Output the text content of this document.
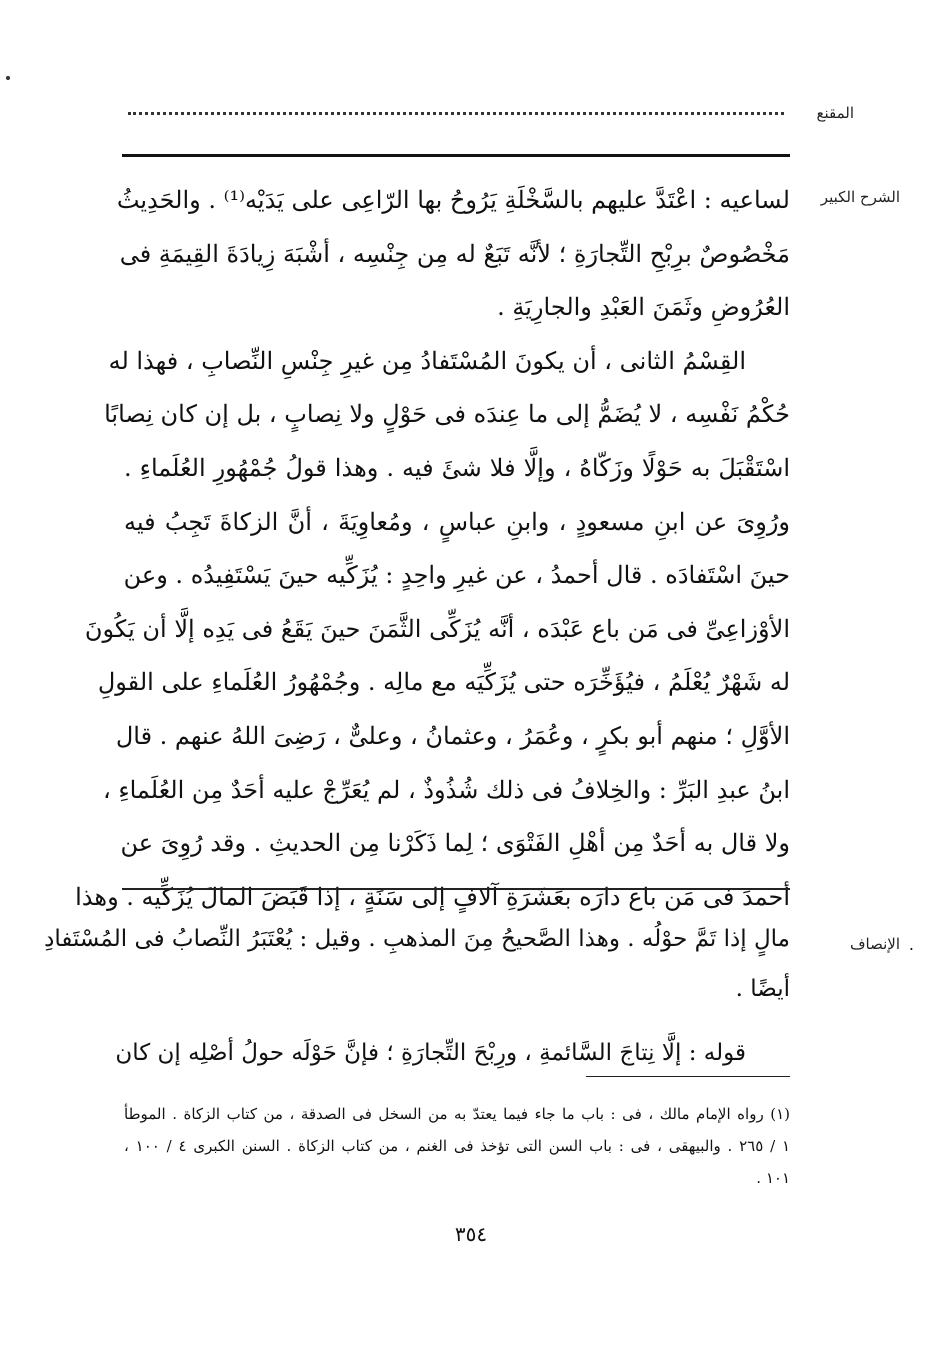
المقنع
الشرح الكبير
لساعيه : اعْتَدَّ عليهم بالسَّخْلَةِ يَرُوحُ بها الرّاعِى على يَدَيْه⁽¹⁾ . والحَدِيثُ
مَخْصُوصٌ برِبْحِ التِّجارَةِ ؛ لأنَّه تَبَعٌ له مِن جِنْسِه ، أشْبَهَ زِيادَةَ القِيمَةِ فى
العُرُوضِ وثَمَنَ العَبْدِ والجارِيَةِ .
القِسْمُ الثانى ، أن يكونَ المُسْتَفادُ مِن غيرِ جِنْسِ النِّصابِ ، فهذا له
حُكْمُ نَفْسِه ، لا يُضَمُّ إلى ما عِندَه فى حَوْلٍ ولا نِصابٍ ، بل إن كان نِصابًا
اسْتَقْبَلَ به حَوْلًا وزَكّاهُ ، وإلَّا فلا شئَ فيه . وهذا قولُ جُمْهُورِ العُلَماءِ .
ورُوِىَ عن ابنِ مسعودٍ ، وابنِ عباسٍ ، ومُعاوِيَةَ ، أنَّ الزكاةَ تَجِبُ فيه
حينَ اسْتَفادَه . قال أحمدُ ، عن غيرِ واحِدٍ : يُزَكِّيه حينَ يَسْتَفِيدُه . وعن
الأوْزاعِىِّ فى مَن باع عَبْدَه ، أنَّه يُزَكِّى الثَّمَنَ حينَ يَقَعُ فى يَدِه إلَّا أن يَكُونَ
له شَهْرٌ يُعْلَمُ ، فيُؤَخِّرَه حتى يُزَكِّيَه مع مالِه . وجُمْهُورُ العُلَماءِ على القولِ
الأوَّلِ ؛ منهم أبو بكرٍ ، وعُمَرُ ، وعثمانُ ، وعلىٌّ ، رَضِىَ اللهُ عنهم . قال
ابنُ عبدِ البَرِّ : والخِلافُ فى ذلك شُذُوذٌ ، لم يُعَرِّجْ عليه أحَدٌ مِن العُلَماءِ ،
ولا قال به أحَدٌ مِن أهْلِ الفَتْوَى ؛ لِما ذَكَرْنا مِن الحديثِ . وقد رُوِىَ عن
أحمدَ فى مَن باع دارَه بعَشَرَةِ آلافٍ إلى سَنَةٍ ، إذا قَبَضَ المالَ يُزَكِّيه . وهذا
الإنصاف .
مالٍ إذا تَمَّ حوْلُه . وهذا الصَّحيحُ مِنَ المذهبِ . وقيل : يُعْتَبَرُ النِّصابُ فى المُسْتَفادِ
أيضًا .
قوله : إلَّا نِتاجَ السَّائمةِ ، ورِبْحَ التِّجارَةِ ؛ فإنَّ حَوْلَه حولُ أصْلِه إن كان
(١) رواه الإمام مالك ، فى : باب ما جاء فيما يعتدّ به من السخل فى الصدقة ، من كتاب الزكاة . الموطأ
١ / ٢٦٥ . والبيهقى ، فى : باب السن التى تؤخذ فى الغنم ، من كتاب الزكاة . السنن الكبرى ٤ / ١٠٠ ،
١٠١ .
٣٥٤
